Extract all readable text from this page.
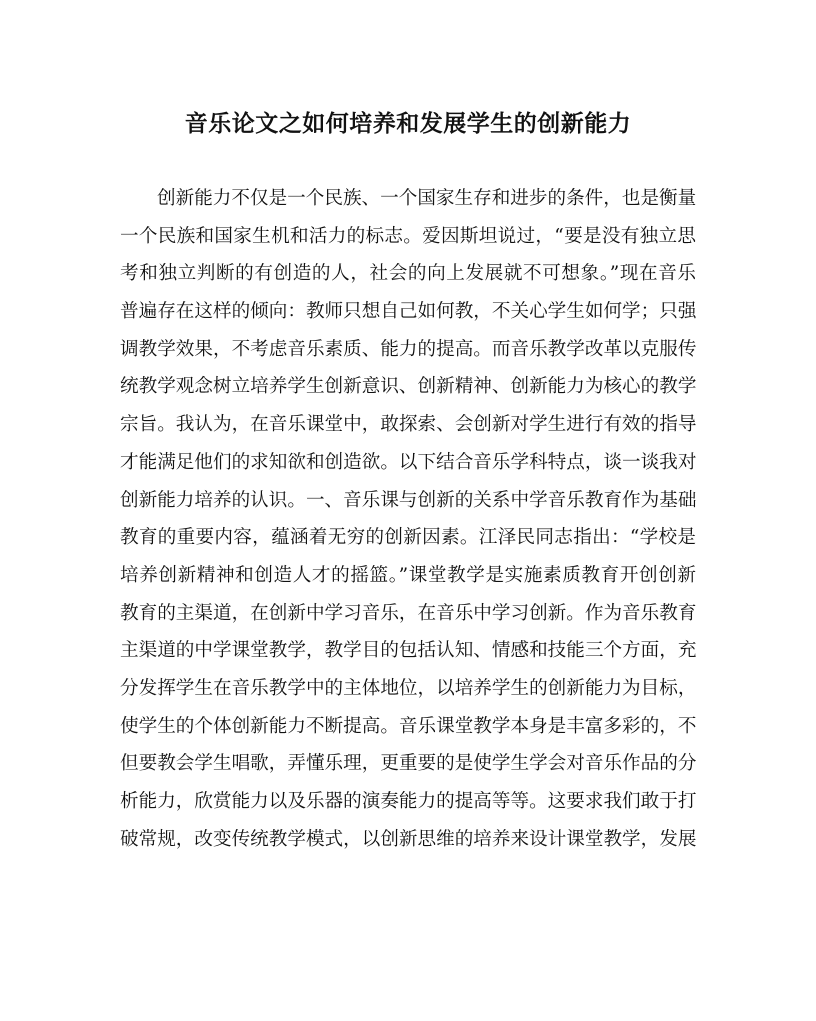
音乐论文之如何培养和发展学生的创新能力
创新能力不仅是一个民族、一个国家生存和进步的条件，也是衡量
一个民族和国家生机和活力的标志。爱因斯坦说过，“要是没有独立思
考和独立判断的有创造的人，社会的向上发展就不可想象。”现在音乐
普遍存在这样的倾向：教师只想自己如何教，不关心学生如何学；只强
调教学效果，不考虑音乐素质、能力的提高。而音乐教学改革以克服传
统教学观念树立培养学生创新意识、创新精神、创新能力为核心的教学
宗旨。我认为，在音乐课堂中，敢探索、会创新对学生进行有效的指导
才能满足他们的求知欲和创造欲。以下结合音乐学科特点，谈一谈我对
创新能力培养的认识。一、音乐课与创新的关系中学音乐教育作为基础
教育的重要内容，蕴涵着无穷的创新因素。江泽民同志指出：“学校是
培养创新精神和创造人才的摇篮。”课堂教学是实施素质教育开创创新
教育的主渠道，在创新中学习音乐，在音乐中学习创新。作为音乐教育
主渠道的中学课堂教学，教学目的包括认知、情感和技能三个方面，充
分发挥学生在音乐教学中的主体地位，以培养学生的创新能力为目标，
使学生的个体创新能力不断提高。音乐课堂教学本身是丰富多彩的，不
但要教会学生唱歌，弄懂乐理，更重要的是使学生学会对音乐作品的分
析能力，欣赏能力以及乐器的演奏能力的提高等等。这要求我们敢于打
破常规，改变传统教学模式，以创新思维的培养来设计课堂教学，发展
